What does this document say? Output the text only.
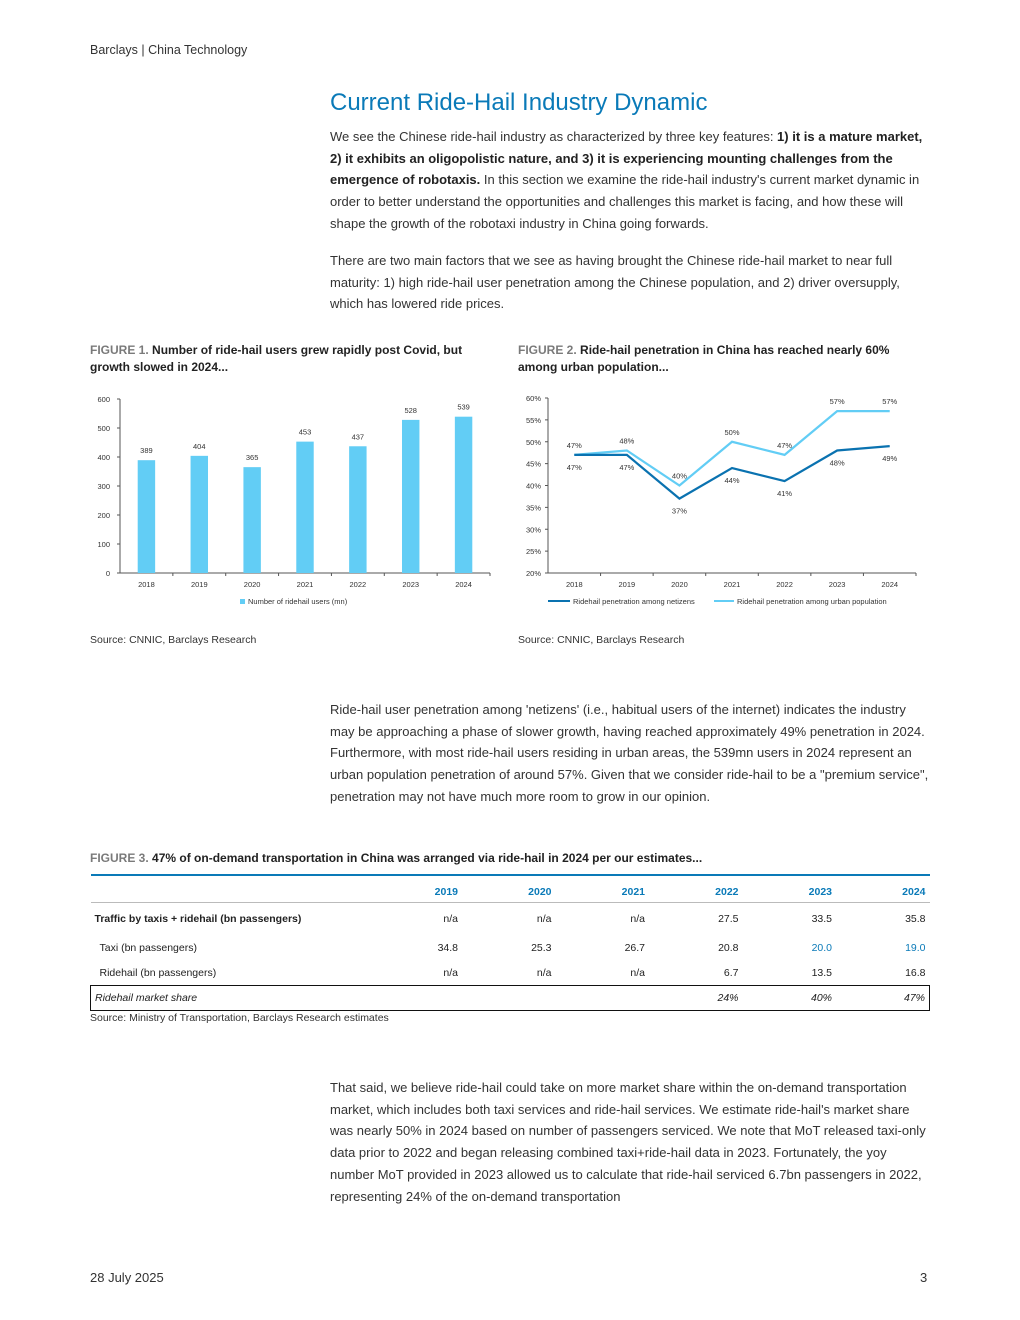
Barclays | China Technology
Current Ride-Hail Industry Dynamic
We see the Chinese ride-hail industry as characterized by three key features: 1) it is a mature market, 2) it exhibits an oligopolistic nature, and 3) it is experiencing mounting challenges from the emergence of robotaxis. In this section we examine the ride-hail industry's current market dynamic in order to better understand the opportunities and challenges this market is facing, and how these will shape the growth of the robotaxi industry in China going forwards.
There are two main factors that we see as having brought the Chinese ride-hail market to near full maturity: 1) high ride-hail user penetration among the Chinese population, and 2) driver oversupply, which has lowered ride prices.
FIGURE 1. Number of ride-hail users grew rapidly post Covid, but growth slowed in 2024...
FIGURE 2. Ride-hail penetration in China has reached nearly 60% among urban population...
0
100
200
300
400
500
600
389
2018
404
2019
365
2020
453
2021
437
2022
528
2023
539
2024
Number of ridehail users (mn)
20%
25%
30%
35%
40%
45%
50%
55%
60%
2018	2019	2020	2021	2022	2023	2024
47%	47%
37%
44%
41%
48%	49%
47%	48%
40%
50%
47%
57%	57%
Ridehail penetration among netizens	Ridehail penetration among urban population
Source: CNNIC, Barclays Research	Source: CNNIC, Barclays Research
Ride-hail user penetration among 'netizens' (i.e., habitual users of the internet) indicates the industry may be approaching a phase of slower growth, having reached approximately 49% penetration in 2024. Furthermore, with most ride-hail users residing in urban areas, the 539mn users in 2024 represent an urban population penetration of around 57%. Given that we consider ride-hail to be a "premium service", penetration may not have much more room to grow in our opinion.
FIGURE 3. 47% of on-demand transportation in China was arranged via ride-hail in 2024 per our estimates...
	2019	2020	2021	2022	2023	2024
Traffic by taxis + ridehail (bn passengers)	n/a	n/a	n/a	27.5	33.5	35.8
Taxi (bn passengers)	34.8	25.3	26.7	20.8	20.0	19.0
Ridehail (bn passengers)	n/a	n/a	n/a	6.7	13.5	16.8
Ridehail market share				24%	40%	47%
Source: Ministry of Transportation, Barclays Research estimates
That said, we believe ride-hail could take on more market share within the on-demand transportation market, which includes both taxi services and ride-hail services. We estimate ride-hail's market share was nearly 50% in 2024 based on number of passengers serviced. We note that MoT released taxi-only data prior to 2022 and began releasing combined taxi+ride-hail data in 2023. Fortunately, the yoy number MoT provided in 2023 allowed us to calculate that ride-hail serviced 6.7bn passengers in 2022, representing 24% of the on-demand transportation
28 July 2025	3
